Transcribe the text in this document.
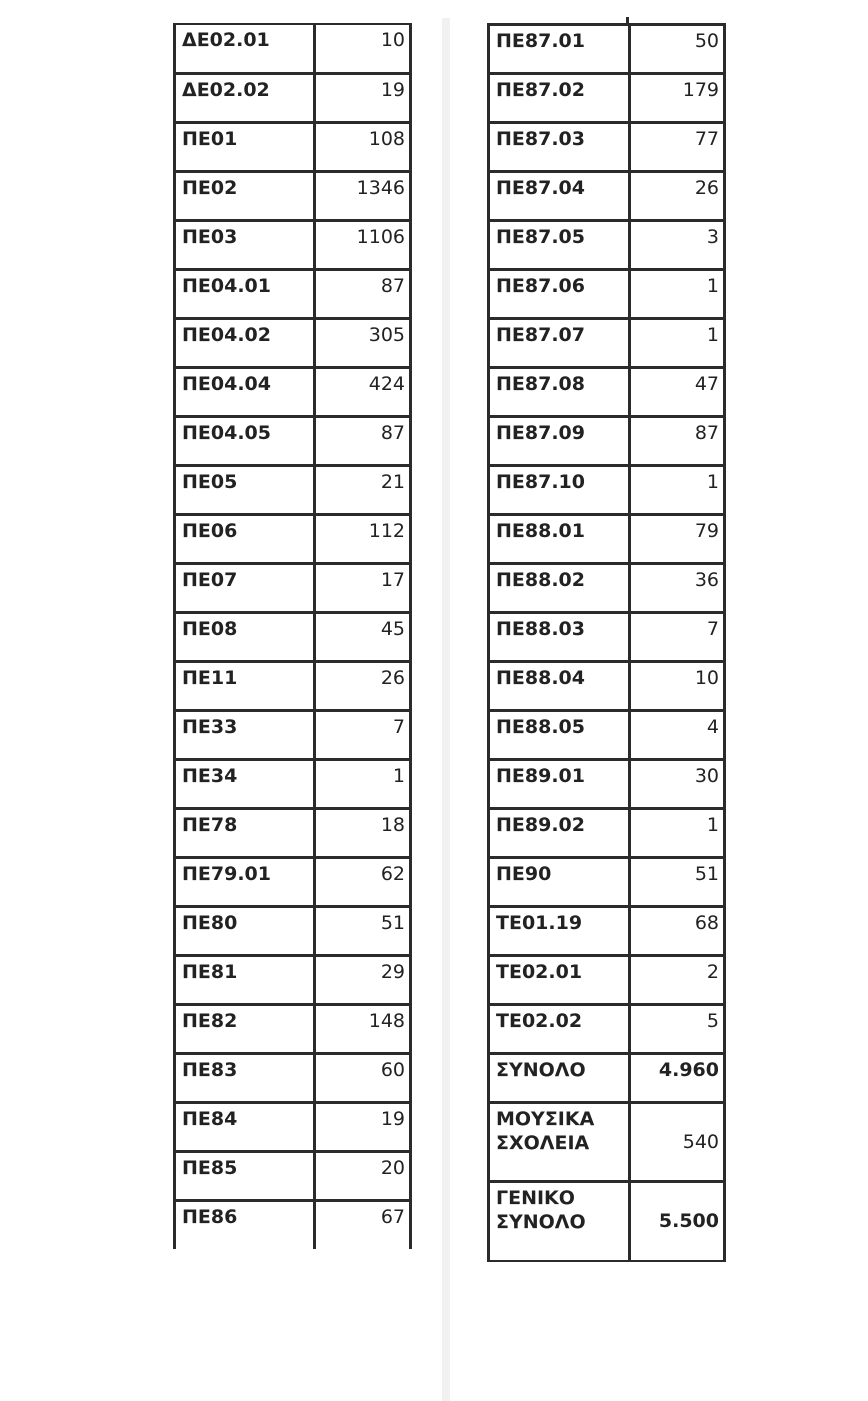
ΔΕ02.01	10
ΔΕ02.02	19
ΠΕ01	108
ΠΕ02	1346
ΠΕ03	1106
ΠΕ04.01	87
ΠΕ04.02	305
ΠΕ04.04	424
ΠΕ04.05	87
ΠΕ05	21
ΠΕ06	112
ΠΕ07	17
ΠΕ08	45
ΠΕ11	26
ΠΕ33	7
ΠΕ34	1
ΠΕ78	18
ΠΕ79.01	62
ΠΕ80	51
ΠΕ81	29
ΠΕ82	148
ΠΕ83	60
ΠΕ84	19
ΠΕ85	20
ΠΕ86	67
ΠΕ87.01	50
ΠΕ87.02	179
ΠΕ87.03	77
ΠΕ87.04	26
ΠΕ87.05	3
ΠΕ87.06	1
ΠΕ87.07	1
ΠΕ87.08	47
ΠΕ87.09	87
ΠΕ87.10	1
ΠΕ88.01	79
ΠΕ88.02	36
ΠΕ88.03	7
ΠΕ88.04	10
ΠΕ88.05	4
ΠΕ89.01	30
ΠΕ89.02	1
ΠΕ90	51
ΤΕ01.19	68
ΤΕ02.01	2
ΤΕ02.02	5
ΣΥΝΟΛΟ	4.960
ΜΟΥΣΙΚΑ ΣΧΟΛΕΙΑ	540
ΓΕΝΙΚΟ ΣΥΝΟΛΟ	5.500
